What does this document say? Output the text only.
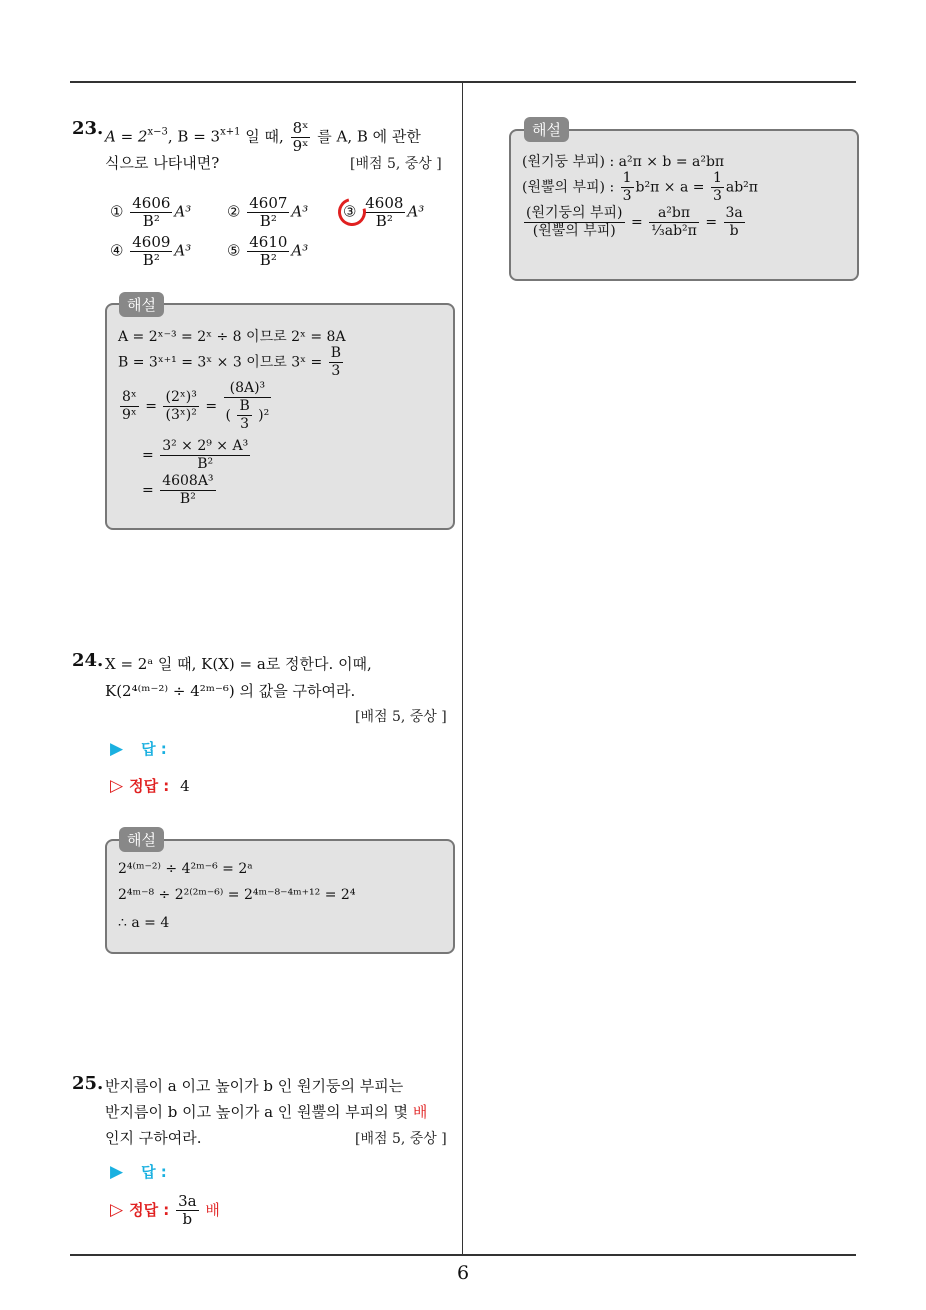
6
23. $A = 2^{x-3}$, $B = 3^{x+1}$ 일 때, $\frac{\text{8ˣ}}{\text{9ˣ}}$ 를 A, B 에 관한
식으로 나타내면?	[배점 5, 중상 ]
① $\frac{4606}{\text{B²}} A^3$ ② $\frac{4607}{\text{B²}} A^3$ ③ $\frac{4608}{\text{B²}} A^3$
④ $\frac{4609}{\text{B²}} A^3$ ⑤ $\frac{4610}{\text{B²}} A^3$
해설
A = 2ˣ⁻³ = 2ˣ ÷ 8 이므로 2ˣ = 8A
B = 3ˣ⁺¹ = 3ˣ × 3 이므로 3ˣ = $\frac{B}{3}$
$\frac{\text{8ˣ}}{\text{9ˣ}} = \frac{\text{(2ˣ)³}}{\text{(3ˣ)²}} = \frac{\text{(8A)³}}{( \frac{B}{3} )^2}$
= $\frac{\text{3² × 2⁹ × A³}}{\text{B²}}$
= $\frac{\text{4608A³}}{\text{B²}}$
24. X = 2ᵃ 일 때, K(X) = a로 정한다. 이때,
K(2⁴⁽ᵐ⁻²⁾ ÷ 4²ᵐ⁻⁶) 의 값을 구하여라.
[배점 5, 중상 ]
▶ 답 :
▷ 정답 : 4
해설
2⁴⁽ᵐ⁻²⁾ ÷ 4²ᵐ⁻⁶ = 2ᵃ
2⁴ᵐ⁻⁸ ÷ 2²⁽²ᵐ⁻⁶⁾ = 2⁴ᵐ⁻⁸⁻⁴ᵐ⁺¹² = 2⁴
∴ a = 4
25. 반지름이 a 이고 높이가 b 인 원기둥의 부피는
반지름이 b 이고 높이가 a 인 원뿔의 부피의 몇 배
인지 구하여라.	[배점 5, 중상 ]
▶ 답 :
▷ 정답 : $\frac{3a}{b}$ 배
해설
(원기둥 부피) : a²π × b = a²bπ
(원뿔의 부피) : $\frac{1}{3} b^2\pi \times a = \frac{1}{3} ab^2\pi$
$\frac{\text{(원기둥의 부피)}}{\text{(원뿔의 부피)}} = \frac{\text{a²bπ}}{\text{⅓ab²π}} = \frac{3a}{b}$
